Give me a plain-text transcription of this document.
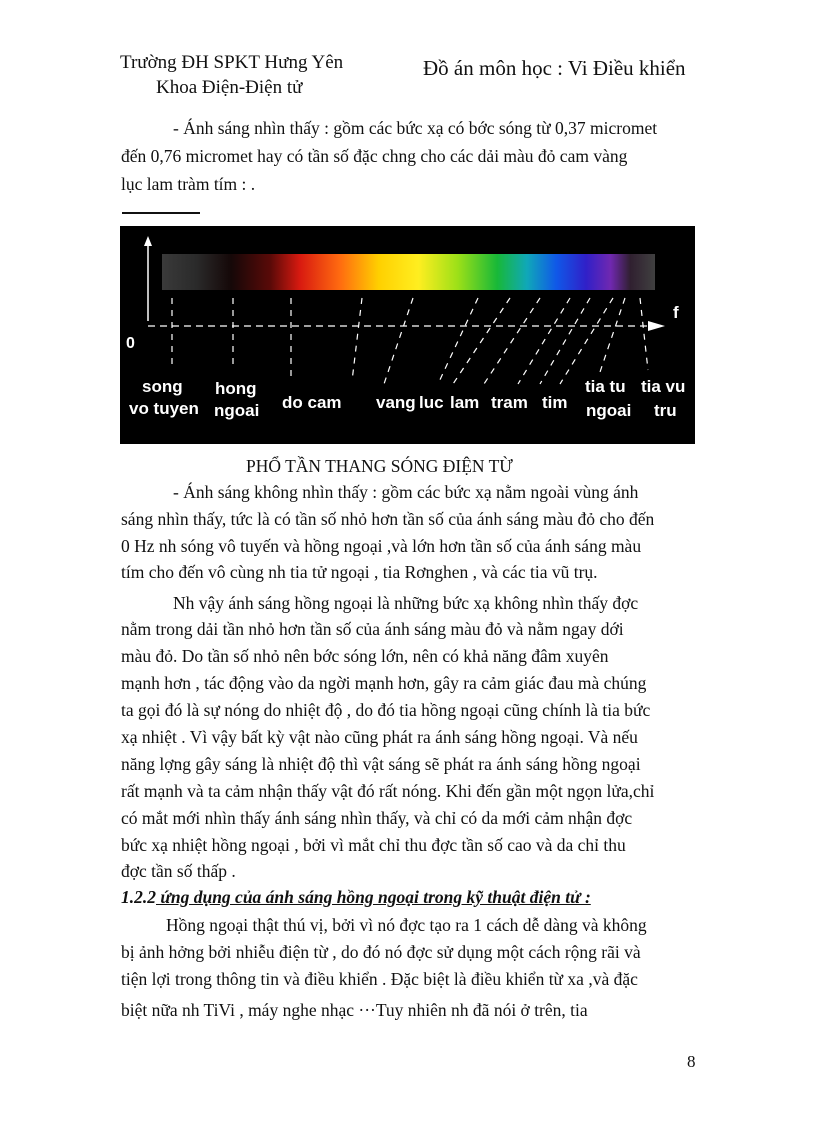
Trường ĐH SPKT Hưng Yên
Khoa Điện-Điện tử
Đồ án môn học : Vi Điều khiển
- Ánh sáng nhìn thấy : gồm các bức xạ có bớc sóng từ 0,37 micromet
đến 0,76 micromet hay có tần số đặc chng cho các dải màu đỏ cam vàng
lục lam tràm tím : .
f
0
song
vo tuyen
hong
ngoai do cam vang luc lam tram tim
tia tu
ngoai
tia vu
tru
PHỔ TẦN THANG SÓNG ĐIỆN TỪ
- Ánh sáng không nhìn thấy : gồm các bức xạ nằm ngoài vùng ánh
sáng nhìn thấy, tức là có tần số nhỏ hơn tần số của ánh sáng màu đỏ cho đến
0 Hz nh sóng vô tuyến và hồng ngoại ,và lớn hơn tần số của ánh sáng màu
tím cho đến vô cùng nh tia tử ngoại , tia Rơnghen , và các tia vũ trụ.
Nh vậy ánh sáng hồng ngoại là những bức xạ không nhìn thấy đợc
nằm trong dải tần nhỏ hơn tần số của ánh sáng màu đỏ và nằm ngay dới
màu đỏ. Do tần số nhỏ nên bớc sóng lớn, nên có khả năng đâm xuyên
mạnh hơn , tác động vào da ngời mạnh hơn, gây ra cảm giác đau mà chúng
ta gọi đó là sự nóng do nhiệt độ , do đó tia hồng ngoại cũng chính là tia bức
xạ nhiệt . Vì vậy bất kỳ vật nào cũng phát ra ánh sáng hồng ngoại. Và nếu
năng lợng gây sáng là nhiệt độ thì vật sáng sẽ phát ra ánh sáng hồng ngoại
rất mạnh và ta cảm nhận thấy vật đó rất nóng. Khi đến gần một ngọn lửa,chỉ
có mắt mới nhìn thấy ánh sáng nhìn thấy, và chỉ có da mới cảm nhận đợc
bức xạ nhiệt hồng ngoại , bởi vì mắt chỉ thu đợc tần số cao và da chỉ thu
đợc tần số thấp .
1.2.2 ứng dụng của ánh sáng hồng ngoại trong kỹ thuật điện tử :
Hồng ngoại thật thú vị, bởi vì nó đợc tạo ra 1 cách dễ dàng và không
bị ảnh hởng bởi nhiễu điện từ , do đó nó đợc sử dụng một cách rộng rãi và
tiện lợi trong thông tin và điều khiển . Đặc biệt là điều khiển từ xa ,và đặc
biệt nữa nh TiVi , máy nghe nhạc ···Tuy nhiên nh đã nói ở trên, tia
8
